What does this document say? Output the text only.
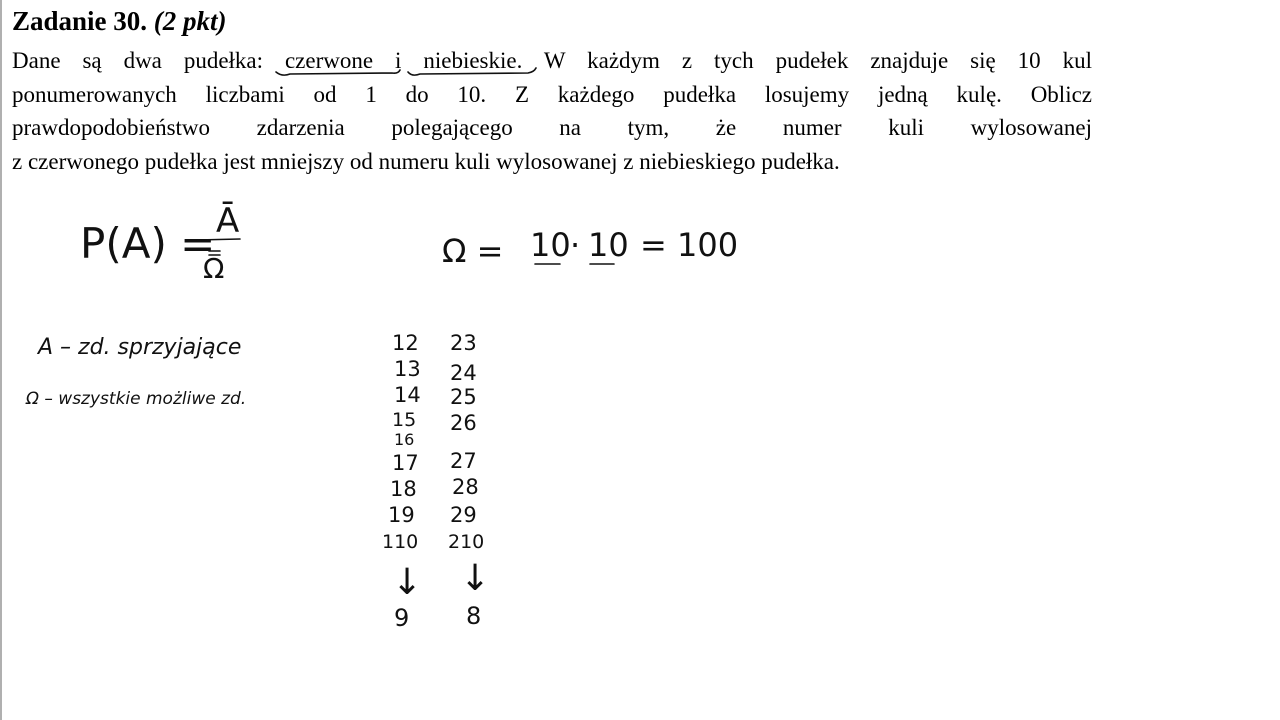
Zadanie 30. (2 pkt)
Dane są dwa pudełka: czerwone i niebieskie. W każdym z tych pudełek znajduje się 10 kul
ponumerowanych liczbami od 1 do 10. Z każdego pudełka losujemy jedną kulę. Oblicz
prawdopodobieństwo zdarzenia polegającego na tym, że numer kuli wylosowanej
z czerwonego pudełka jest mniejszy od numeru kuli wylosowanej z niebieskiego pudełka.
P(A) = Ā
Ω	Ω = 10 · 10 = 100
A – zd. sprzyjające
Ω – wszystkie możliwe zd.
12
13
14
15
16
17
18
19
110
23
24
25
26
27
28
29
210
↓ ↓
9 8
